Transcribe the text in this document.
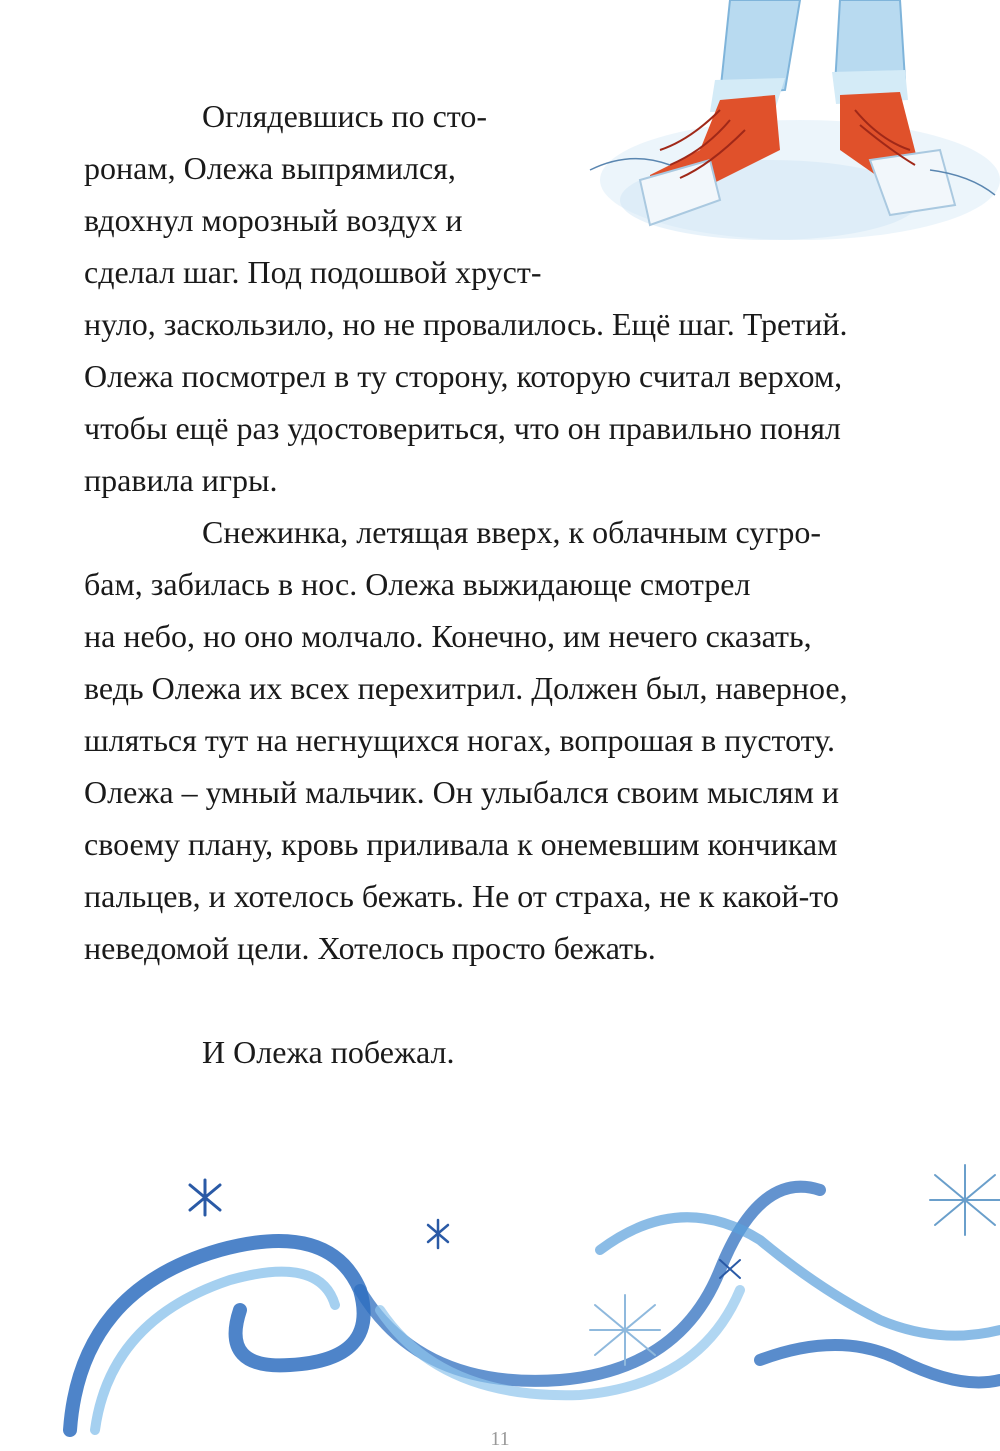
Оглядевшись по сто-
ронам, Олежа выпрямился,
вдохнул морозный воздух и
сделал шаг. Под подошвой хруст-
нуло, заскользило, но не провалилось. Ещё шаг. Третий.
Олежа посмотрел в ту сторону, которую считал верхом,
чтобы ещё раз удостовериться, что он правильно понял
правила игры.
Снежинка, летящая вверх, к облачным сугро-
бам, забилась в нос. Олежа выжидающе смотрел
на небо, но оно молчало. Конечно, им нечего сказать,
ведь Олежа их всех перехитрил. Должен был, наверное,
шляться тут на негнущихся ногах, вопрошая в пустоту.
Олежа – умный мальчик. Он улыбался своим мыслям и
своему плану, кровь приливала к онемевшим кончикам
пальцев, и хотелось бежать. Не от страха, не к какой-то
неведомой цели. Хотелось просто бежать.
И Олежа побежал.
11
